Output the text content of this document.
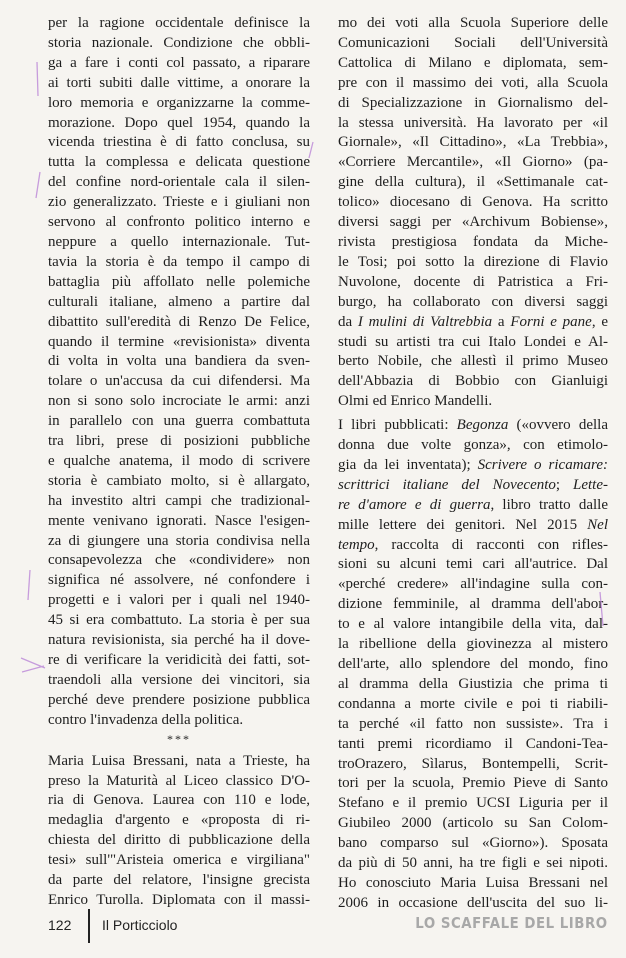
per la ragione occidentale definisce la
storia nazionale. Condizione che obbli-
ga a fare i conti col passato, a riparare
ai torti subiti dalle vittime, a onorare la
loro memoria e organizzarne la comme-
morazione. Dopo quel 1954, quando la
vicenda triestina è di fatto conclusa, su
tutta la complessa e delicata questione
del confine nord-orientale cala il silen-
zio generalizzato. Trieste e i giuliani non
servono al confronto politico interno e
neppure a quello internazionale. Tut-
tavia la storia è da tempo il campo di
battaglia più affollato nelle polemiche
culturali italiane, almeno a partire dal
dibattito sull'eredità di Renzo De Felice,
quando il termine «revisionista» diventa
di volta in volta una bandiera da sven-
tolare o un'accusa da cui difendersi. Ma
non si sono solo incrociate le armi: anzi
in parallelo con una guerra combattuta
tra libri, prese di posizioni pubbliche
e qualche anatema, il modo di scrivere
storia è cambiato molto, si è allargato,
ha investito altri campi che tradizional-
mente venivano ignorati. Nasce l'esigen-
za di giungere una storia condivisa nella
consapevolezza che «condividere» non
significa né assolvere, né confondere i
progetti e i valori per i quali nel 1940-
45 si era combattuto. La storia è per sua
natura revisionista, sia perché ha il dove-
re di verificare la veridicità dei fatti, sot-
traendoli alla versione dei vincitori, sia
perché deve prendere posizione pubblica
contro l'invadenza della politica.
***
Maria Luisa Bressani, nata a Trieste, ha
preso la Maturità al Liceo classico D'O-
ria di Genova. Laurea con 110 e lode,
medaglia d'argento e «proposta di ri-
chiesta del diritto di pubblicazione della
tesi» sull'"Aristeia omerica e virgiliana"
da parte del relatore, l'insigne grecista
Enrico Turolla. Diplomata con il massi-
mo dei voti alla Scuola Superiore delle
Comunicazioni Sociali dell'Università
Cattolica di Milano e diplomata, sem-
pre con il massimo dei voti, alla Scuola
di Specializzazione in Giornalismo del-
la stessa università. Ha lavorato per «il
Giornale», «Il Cittadino», «La Trebbia»,
«Corriere Mercantile», «Il Giorno» (pa-
gine della cultura), il «Settimanale cat-
tolico» diocesano di Genova. Ha scritto
diversi saggi per «Archivum Bobiense»,
rivista prestigiosa fondata da Miche-
le Tosi; poi sotto la direzione di Flavio
Nuvolone, docente di Patristica a Fri-
burgo, ha collaborato con diversi saggi
da I mulini di Valtrebbia a Forni e pane, e
studi su artisti tra cui Italo Londei e Al-
berto Nobile, che allestì il primo Museo
dell'Abbazia di Bobbio con Gianluigi
Olmi ed Enrico Mandelli.
I libri pubblicati: Begonza («ovvero della
donna due volte gonza», con etimolo-
gia da lei inventata); Scrivere o ricamare:
scrittrici italiane del Novecento; Lette-
re d'amore e di guerra, libro tratto dalle
mille lettere dei genitori. Nel 2015 Nel
tempo, raccolta di racconti con rifles-
sioni su alcuni temi cari all'autrice. Dal
«perché credere» all'indagine sulla con-
dizione femminile, al dramma dell'abor-
to e al valore intangibile della vita, dal-
la ribellione della giovinezza al mistero
dell'arte, allo splendore del mondo, fino
al dramma della Giustizia che prima ti
condanna a morte civile e poi ti riabili-
ta perché «il fatto non sussiste». Tra i
tanti premi ricordiamo il Candoni-Tea-
troOrazero, Sìlarus, Bontempelli, Scrit-
tori per la scuola, Premio Pieve di Santo
Stefano e il premio UCSI Liguria per il
Giubileo 2000 (articolo su San Colom-
bano comparso sul «Giorno»). Sposata
da più di 50 anni, ha tre figli e sei nipoti.
Ho conosciuto Maria Luisa Bressani nel
2006 in occasione dell'uscita del suo li-
122 Il Porticciolo	LO SCAFFALE DEL LIBRO
